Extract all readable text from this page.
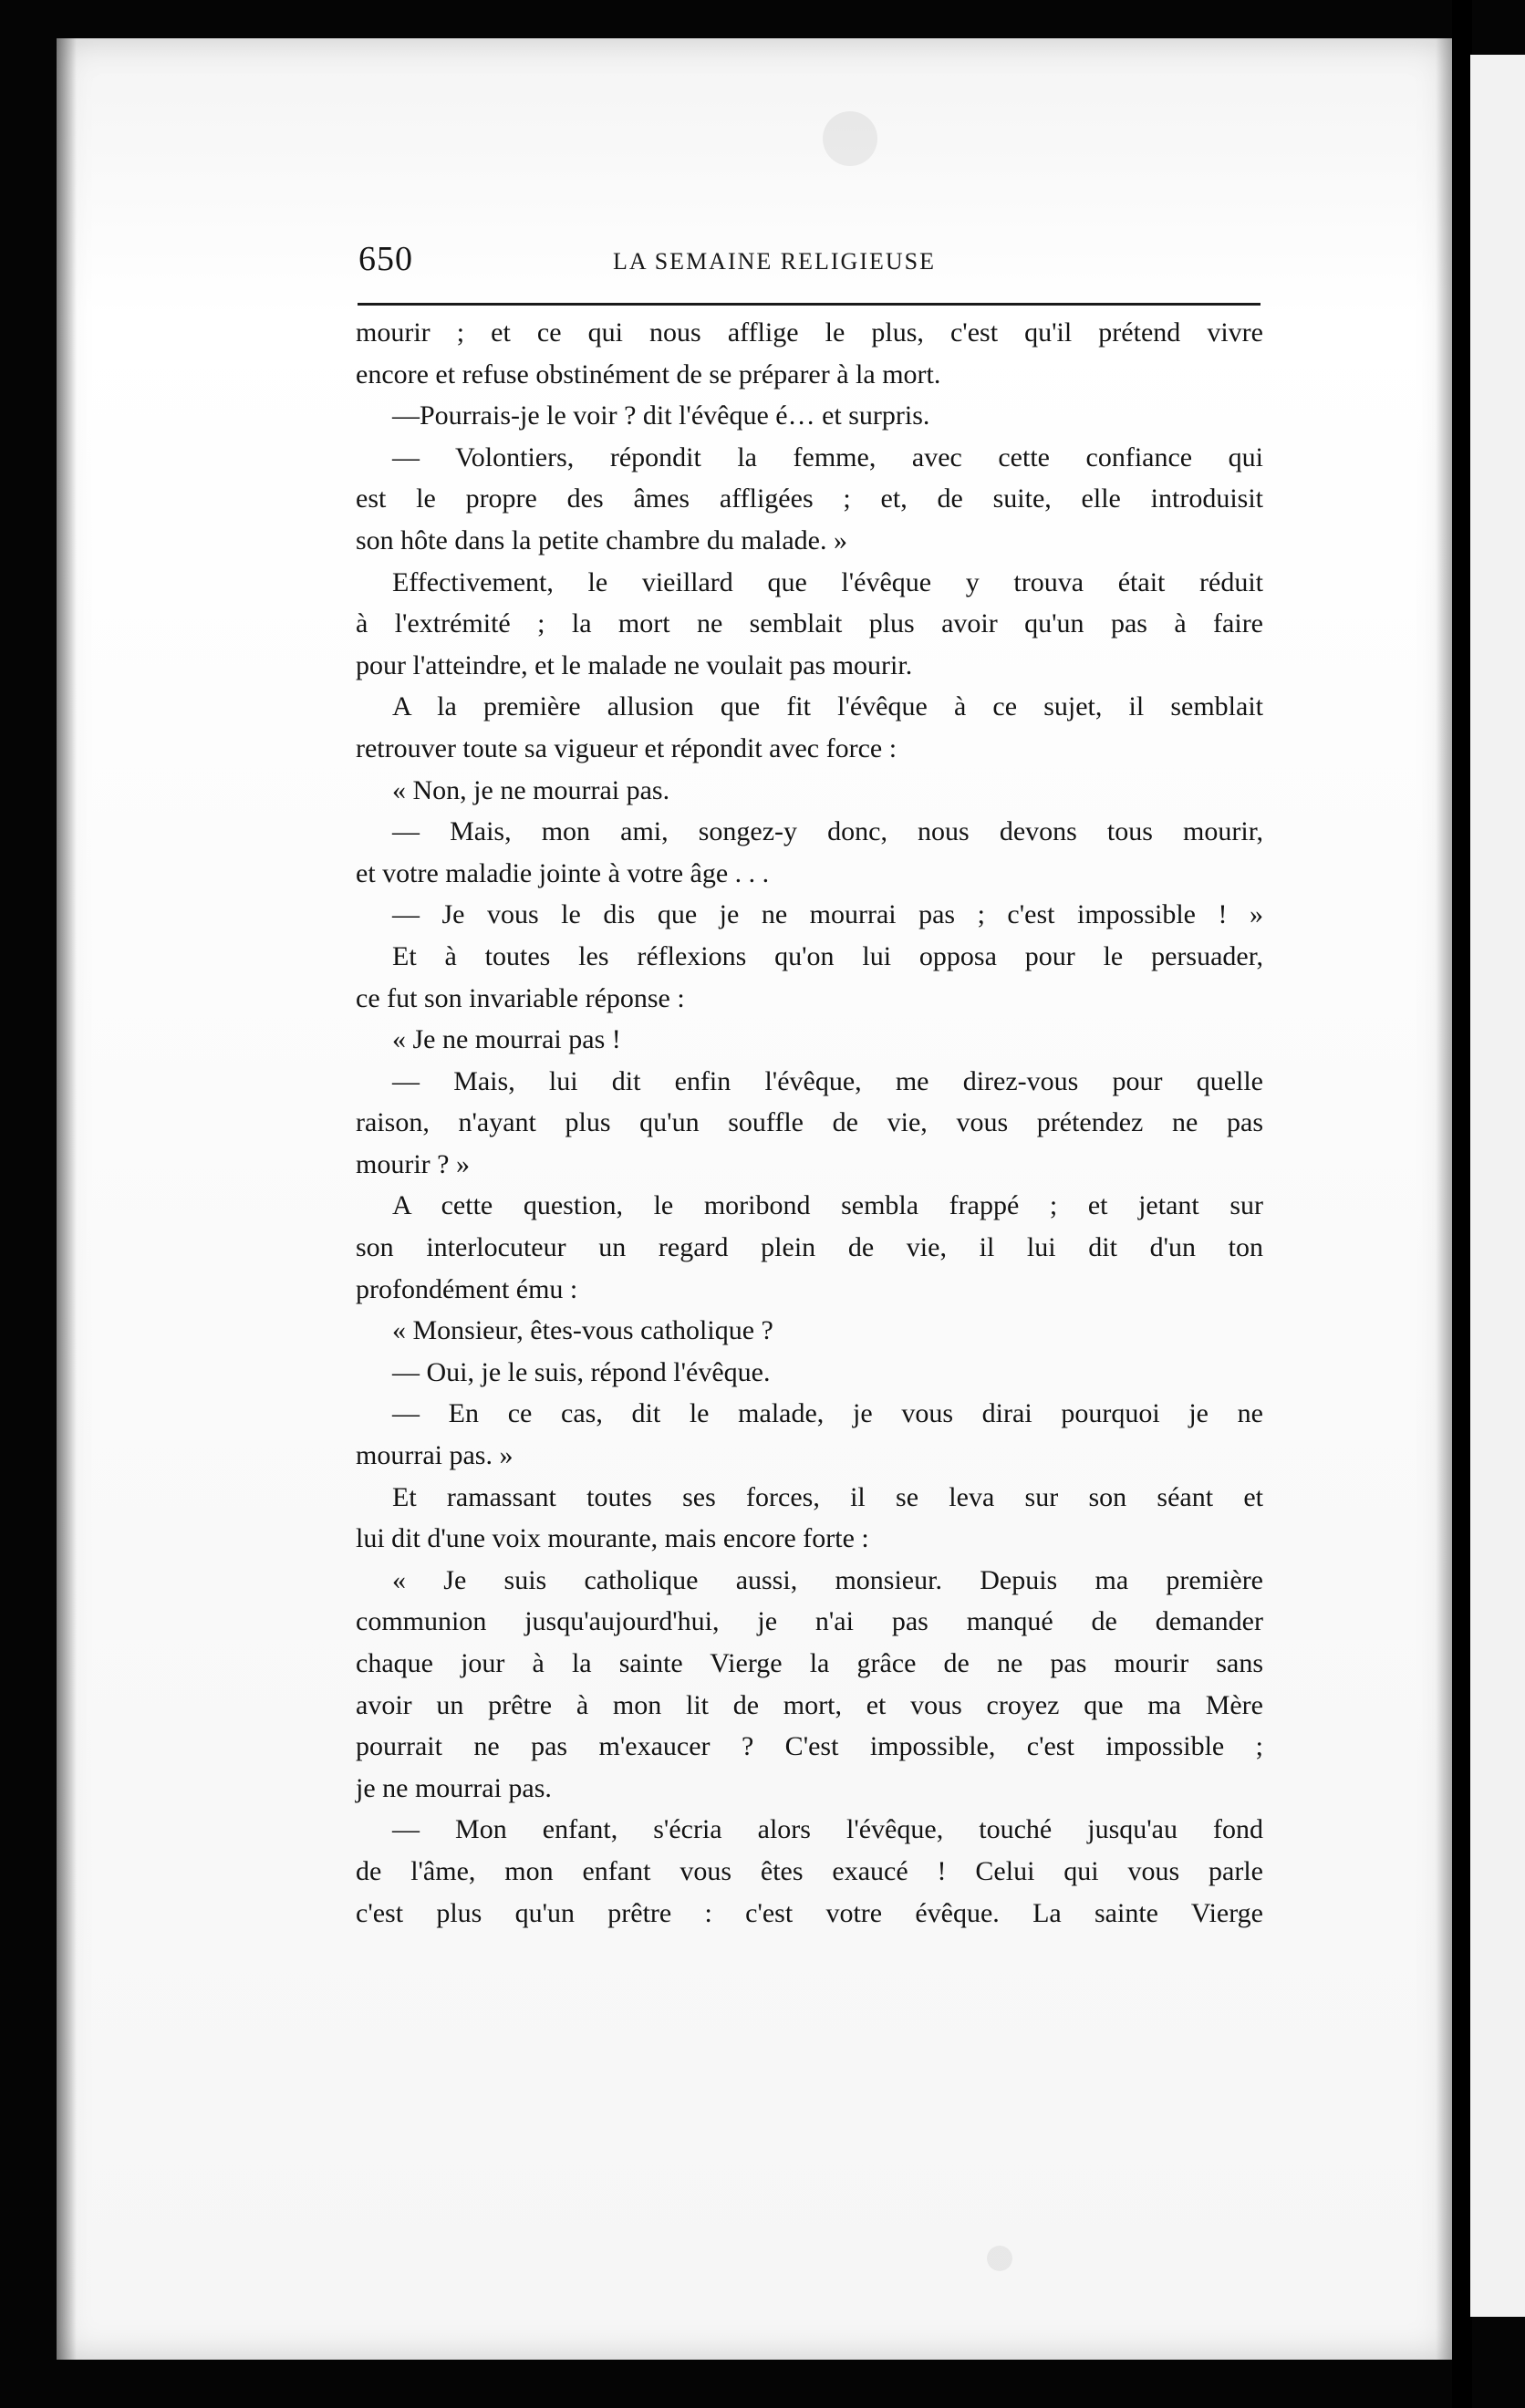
650	LA SEMAINE RELIGIEUSE
mourir ; et ce qui nous afflige le plus, c'est qu'il prétend vivre
encore et refuse obstinément de se préparer à la mort.
—Pourrais-je le voir ? dit l'évêque é… et surpris.
— Volontiers, répondit la femme, avec cette confiance qui
est le propre des âmes affligées ; et, de suite, elle introduisit
son hôte dans la petite chambre du malade. »
Effectivement, le vieillard que l'évêque y trouva était réduit
à l'extrémité ; la mort ne semblait plus avoir qu'un pas à faire
pour l'atteindre, et le malade ne voulait pas mourir.
A la première allusion que fit l'évêque à ce sujet, il semblait
retrouver toute sa vigueur et répondit avec force :
« Non, je ne mourrai pas.
— Mais, mon ami, songez-y donc, nous devons tous mourir,
et votre maladie jointe à votre âge . . .
— Je vous le dis que je ne mourrai pas ; c'est impossible ! »
Et à toutes les réflexions qu'on lui opposa pour le persuader,
ce fut son invariable réponse :
« Je ne mourrai pas !
— Mais, lui dit enfin l'évêque, me direz-vous pour quelle
raison, n'ayant plus qu'un souffle de vie, vous prétendez ne pas
mourir ? »
A cette question, le moribond sembla frappé ; et jetant sur
son interlocuteur un regard plein de vie, il lui dit d'un ton
profondément ému :
« Monsieur, êtes-vous catholique ?
— Oui, je le suis, répond l'évêque.
— En ce cas, dit le malade, je vous dirai pourquoi je ne
mourrai pas. »
Et ramassant toutes ses forces, il se leva sur son séant et
lui dit d'une voix mourante, mais encore forte :
« Je suis catholique aussi, monsieur. Depuis ma première
communion jusqu'aujourd'hui, je n'ai pas manqué de demander
chaque jour à la sainte Vierge la grâce de ne pas mourir sans
avoir un prêtre à mon lit de mort, et vous croyez que ma Mère
pourrait ne pas m'exaucer ? C'est impossible, c'est impossible ;
je ne mourrai pas.
— Mon enfant, s'écria alors l'évêque, touché jusqu'au fond
de l'âme, mon enfant vous êtes exaucé ! Celui qui vous parle
c'est plus qu'un prêtre : c'est votre évêque. La sainte Vierge
